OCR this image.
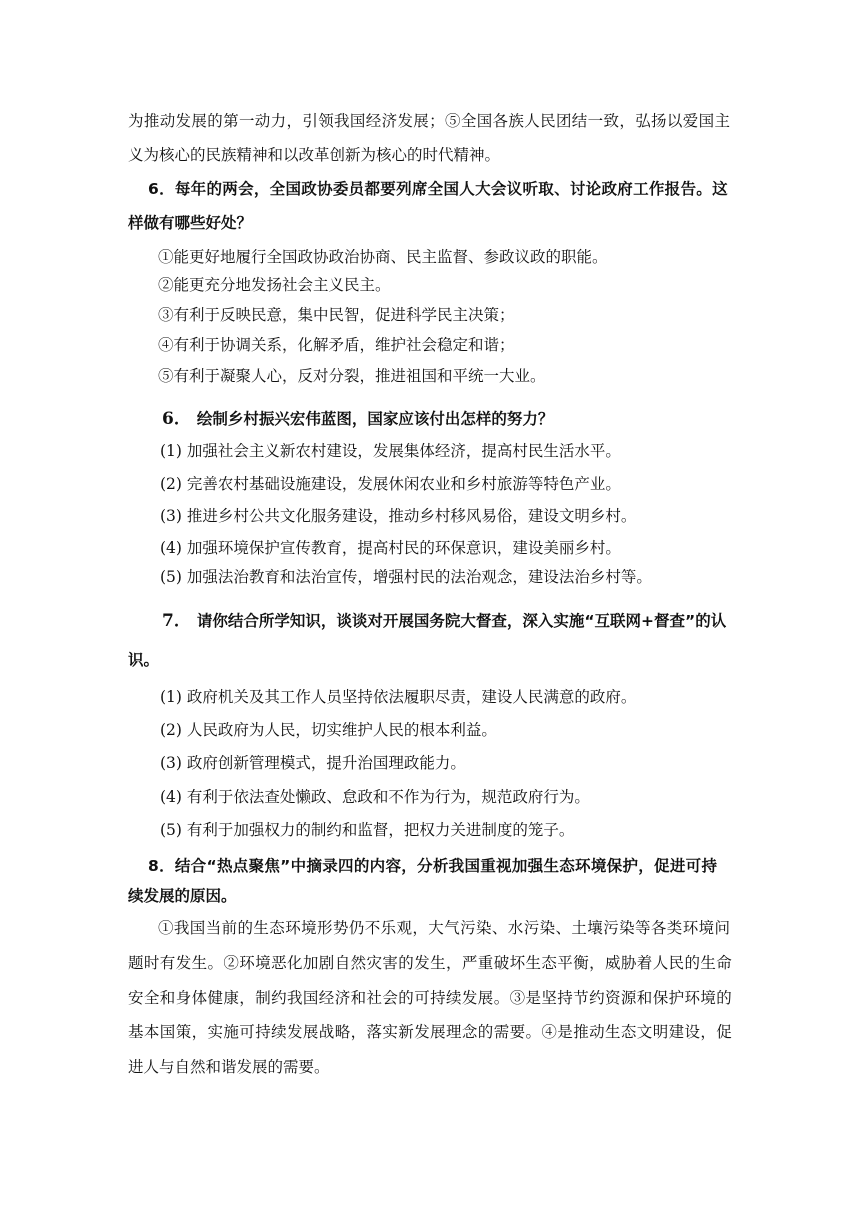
为推动发展的第一动力，引领我国经济发展；⑤全国各族人民团结一致，弘扬以爱国主
义为核心的民族精神和以改革创新为核心的时代精神。
6．每年的两会，全国政协委员都要列席全国人大会议听取、讨论政府工作报告。这
样做有哪些好处？
①能更好地履行全国政协政治协商、民主监督、参政议政的职能。
②能更充分地发扬社会主义民主。
③有利于反映民意，集中民智，促进科学民主决策；
④有利于协调关系，化解矛盾，维护社会稳定和谐；
⑤有利于凝聚人心，反对分裂，推进祖国和平统一大业。
6． 绘制乡村振兴宏伟蓝图，国家应该付出怎样的努力？
(1) 加强社会主义新农村建设，发展集体经济，提高村民生活水平。
(2) 完善农村基础设施建设，发展休闲农业和乡村旅游等特色产业。
(3) 推进乡村公共文化服务建设，推动乡村移风易俗，建设文明乡村。
(4) 加强环境保护宣传教育，提高村民的环保意识，建设美丽乡村。
(5) 加强法治教育和法治宣传，增强村民的法治观念，建设法治乡村等。
7． 请你结合所学知识，谈谈对开展国务院大督查，深入实施“互联网+督查”的认
识。
(1) 政府机关及其工作人员坚持依法履职尽责，建设人民满意的政府。
(2) 人民政府为人民，切实维护人民的根本利益。
(3) 政府创新管理模式，提升治国理政能力。
(4) 有利于依法查处懒政、怠政和不作为行为，规范政府行为。
(5) 有利于加强权力的制约和监督，把权力关进制度的笼子。
8．结合“热点聚焦”中摘录四的内容，分析我国重视加强生态环境保护，促进可持
续发展的原因。
①我国当前的生态环境形势仍不乐观，大气污染、水污染、土壤污染等各类环境问
题时有发生。②环境恶化加剧自然灾害的发生，严重破坏生态平衡，威胁着人民的生命
安全和身体健康，制约我国经济和社会的可持续发展。③是坚持节约资源和保护环境的
基本国策，实施可持续发展战略，落实新发展理念的需要。④是推动生态文明建设，促
进人与自然和谐发展的需要。
